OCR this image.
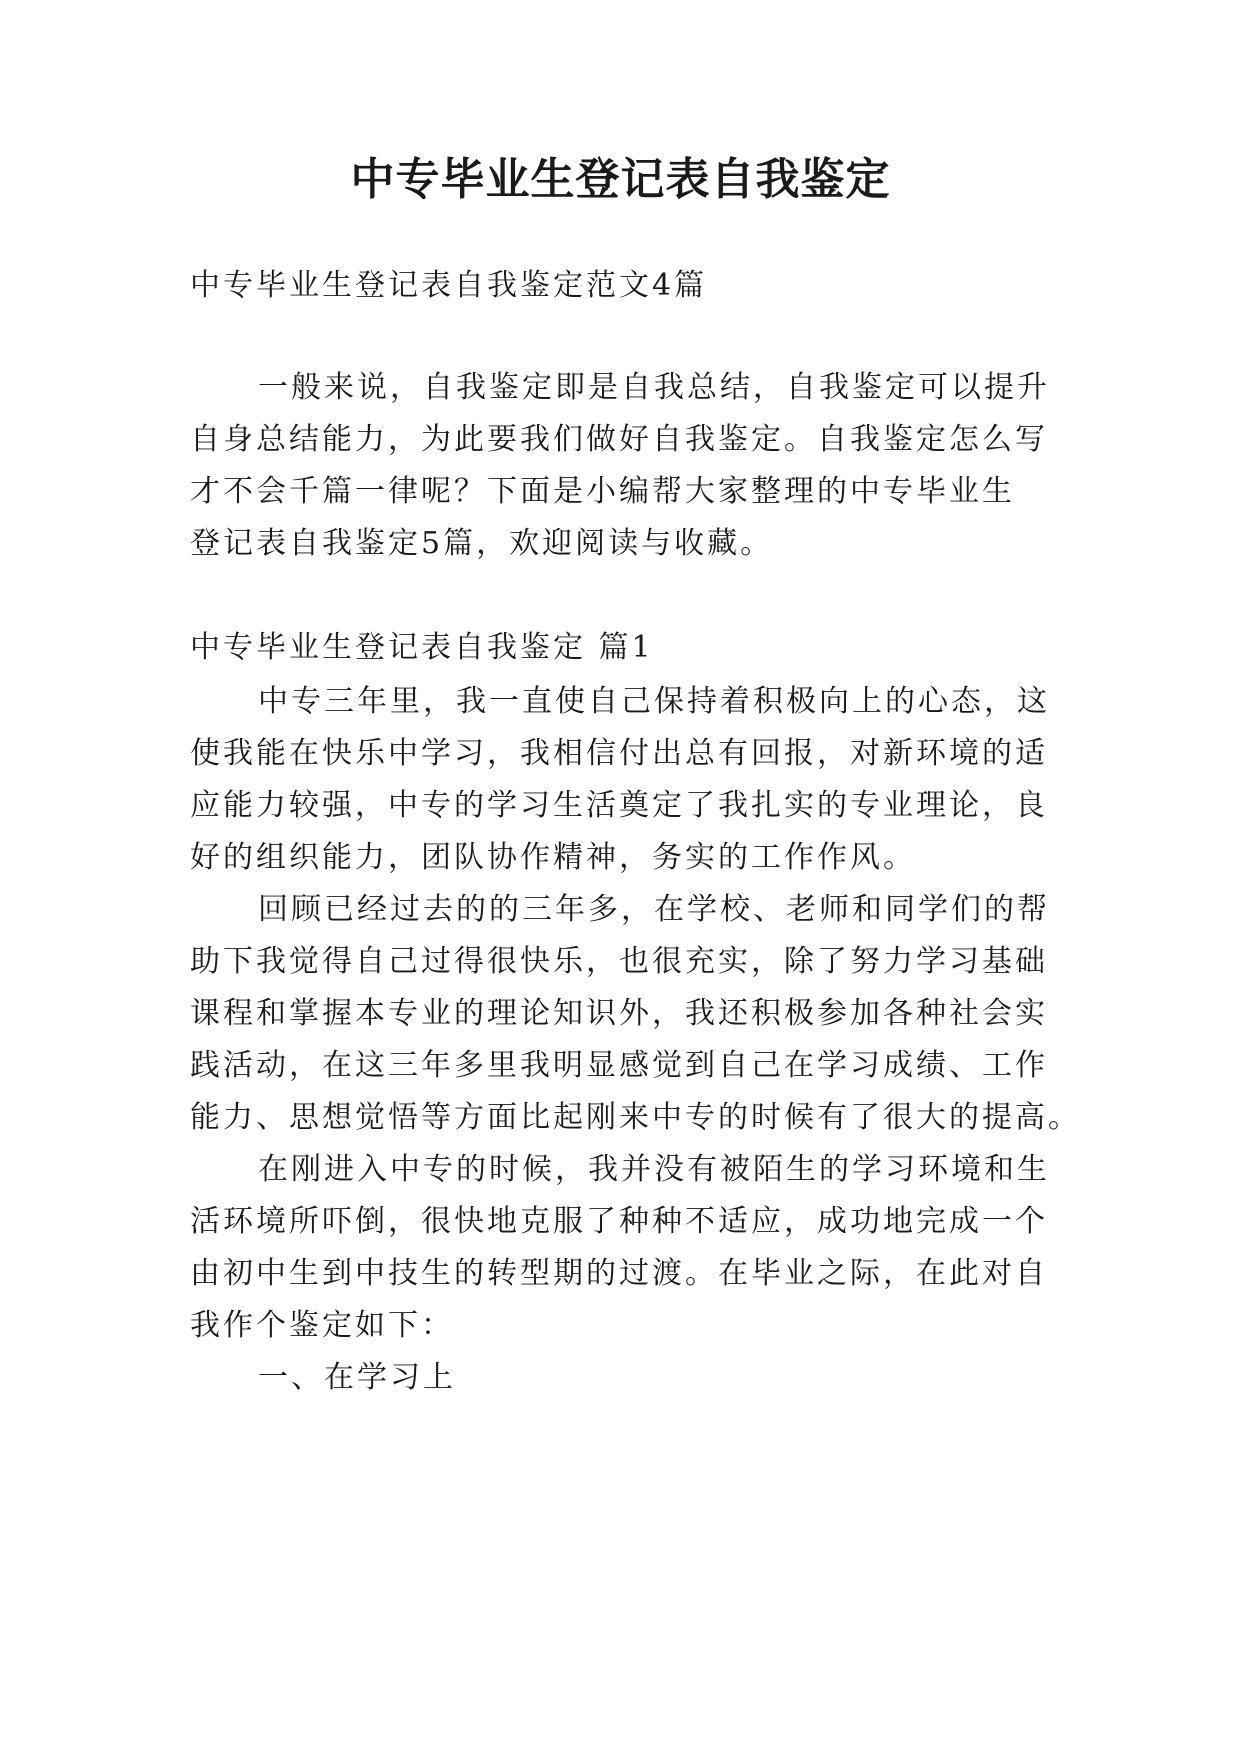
中专毕业生登记表自我鉴定
中专毕业生登记表自我鉴定范文4篇
一般来说，自我鉴定即是自我总结，自我鉴定可以提升
自身总结能力，为此要我们做好自我鉴定。自我鉴定怎么写
才不会千篇一律呢？下面是小编帮大家整理的中专毕业生
登记表自我鉴定5篇，欢迎阅读与收藏。
中专毕业生登记表自我鉴定 篇1
中专三年里，我一直使自己保持着积极向上的心态，这
使我能在快乐中学习，我相信付出总有回报，对新环境的适
应能力较强，中专的学习生活奠定了我扎实的专业理论，良
好的组织能力，团队协作精神，务实的工作作风。
回顾已经过去的的三年多，在学校、老师和同学们的帮
助下我觉得自己过得很快乐，也很充实，除了努力学习基础
课程和掌握本专业的理论知识外，我还积极参加各种社会实
践活动，在这三年多里我明显感觉到自己在学习成绩、工作
能力、思想觉悟等方面比起刚来中专的时候有了很大的提高。
在刚进入中专的时候，我并没有被陌生的学习环境和生
活环境所吓倒，很快地克服了种种不适应，成功地完成一个
由初中生到中技生的转型期的过渡。在毕业之际，在此对自
我作个鉴定如下：
一、在学习上
